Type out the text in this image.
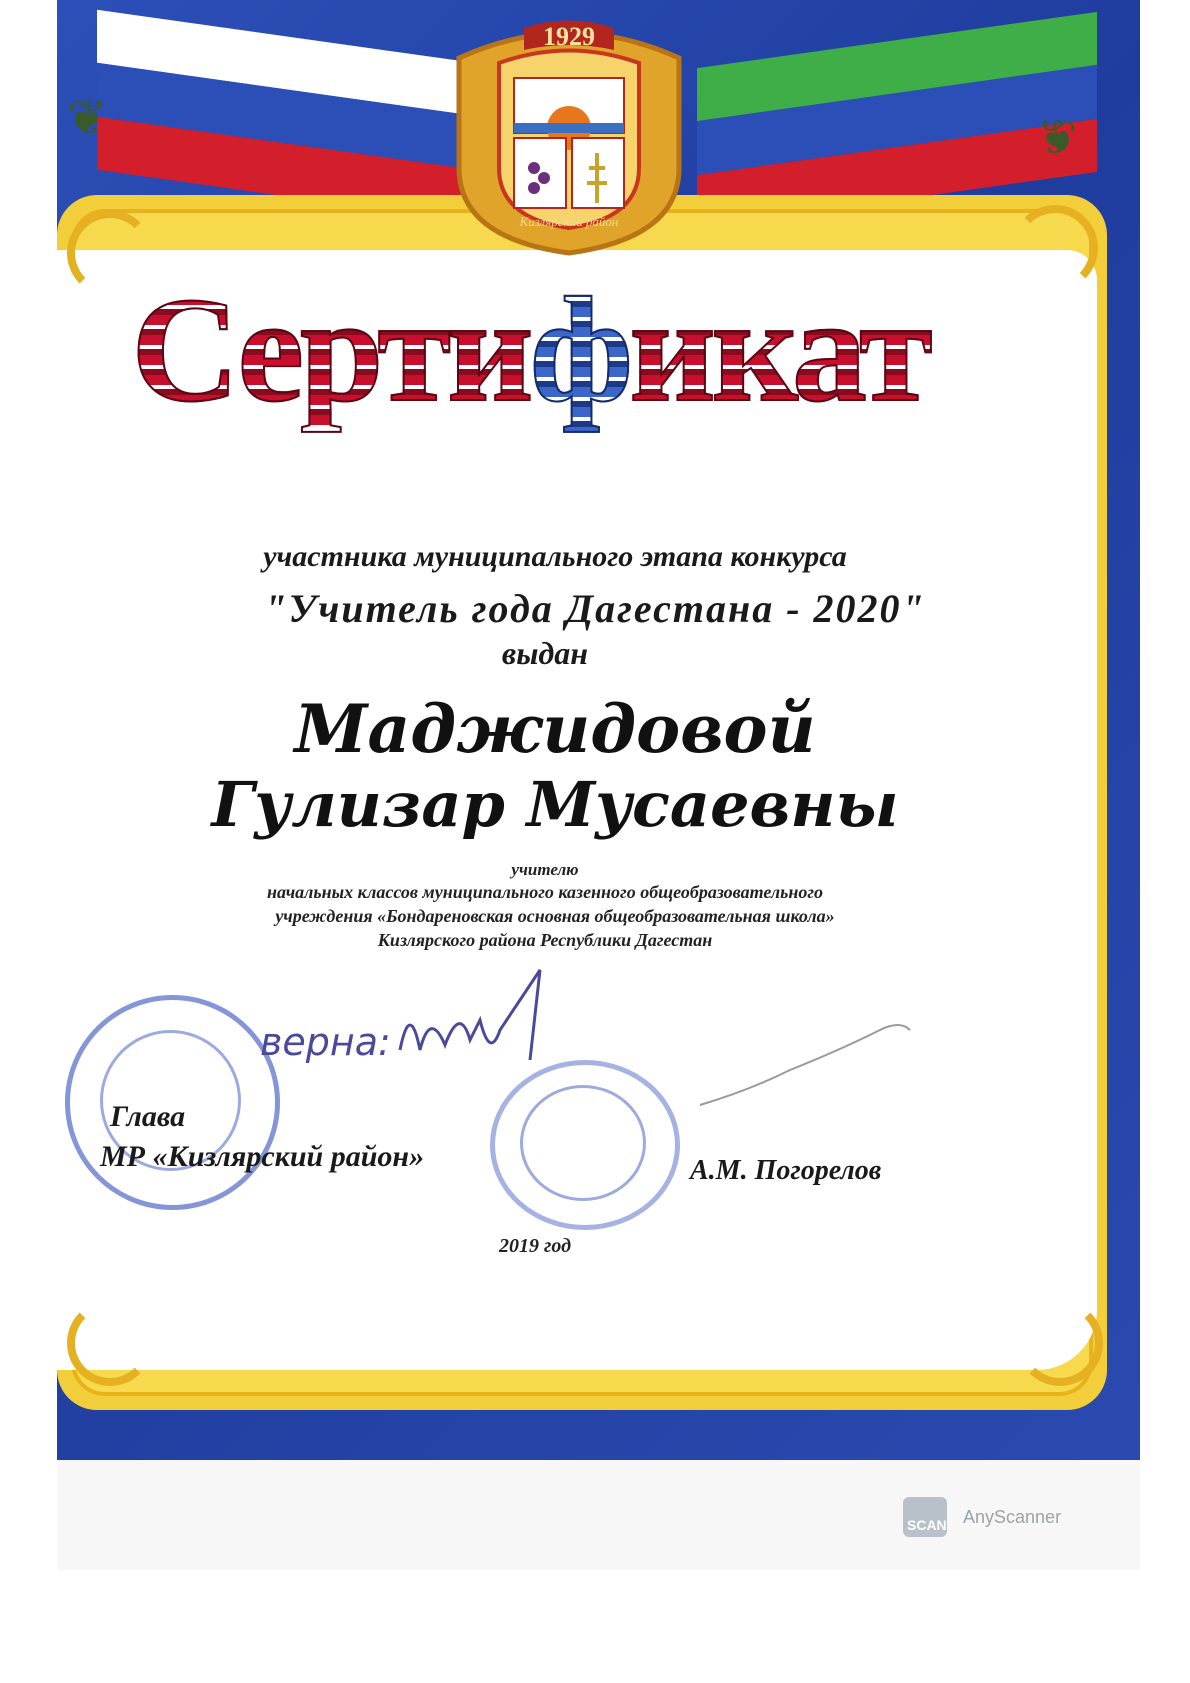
❦	❦
1929
Кизлярский район
Сертификат
участника муниципального этапа конкурса
"Учитель года Дагестана - 2020"
выдан
Маджидовой
Гулизар Мусаевны
учителю
начальных классов муниципального казенного общеобразовательного
учреждения «Бондареновская основная общеобразовательная школа»
Кизлярского района Республики Дагестан
верна:
Глава
МР «Кизлярский район»	А.М. Погорелов
2019 год
SCAN AnyScanner
